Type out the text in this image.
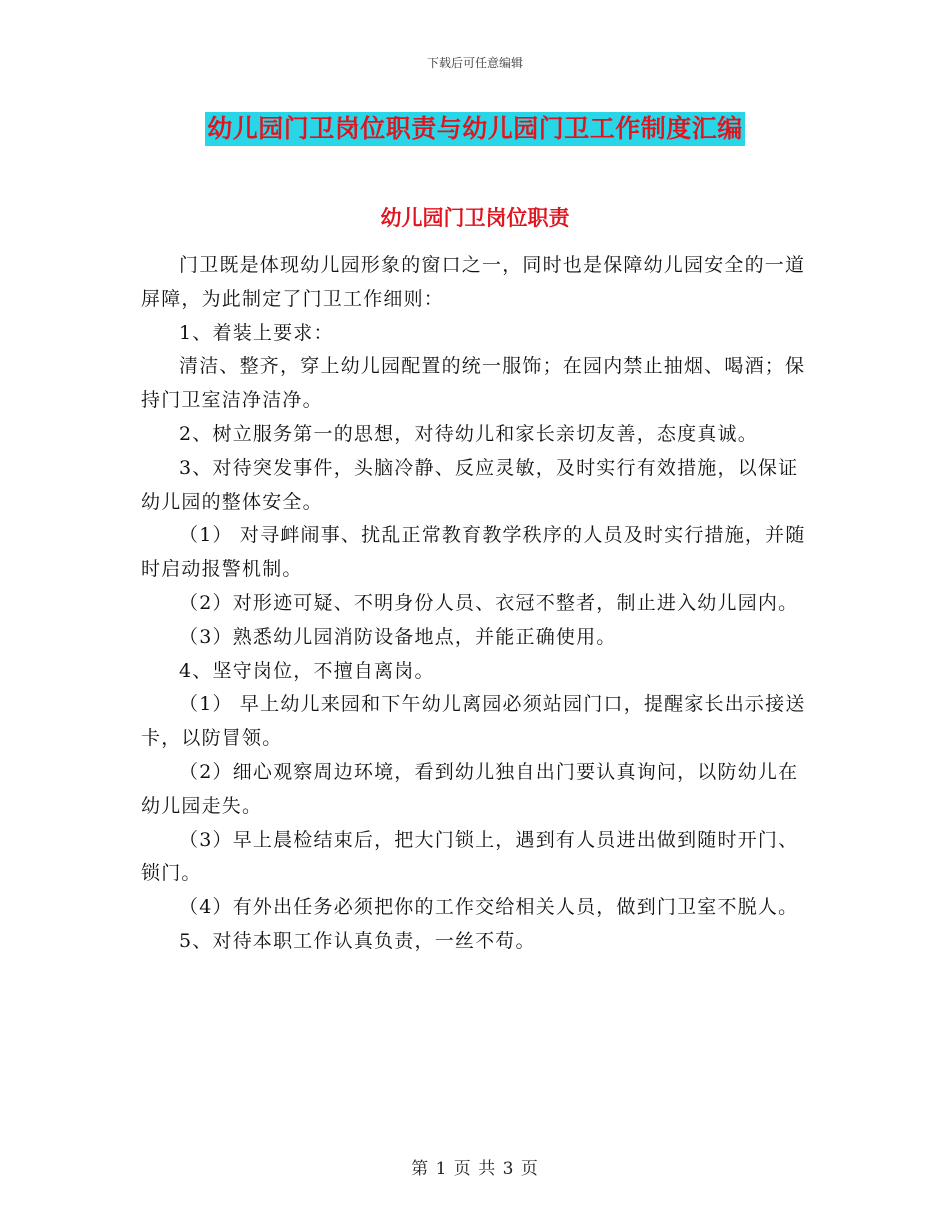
下载后可任意编辑
幼儿园门卫岗位职责与幼儿园门卫工作制度汇编
幼儿园门卫岗位职责

门卫既是体现幼儿园形象的窗口之一，同时也是保障幼儿园安全的一道屏障，为此制定了门卫工作细则：

1、着装上要求：

清洁、整齐，穿上幼儿园配置的统一服饰；在园内禁止抽烟、喝酒；保持门卫室洁净洁净。

2、树立服务第一的思想，对待幼儿和家长亲切友善，态度真诚。

3、对待突发事件，头脑冷静、反应灵敏，及时实行有效措施，以保证幼儿园的整体安全。

（1） 对寻衅闹事、扰乱正常教育教学秩序的人员及时实行措施，并随时启动报警机制。

（2）对形迹可疑、不明身份人员、衣冠不整者，制止进入幼儿园内。

（3）熟悉幼儿园消防设备地点，并能正确使用。

4、坚守岗位，不擅自离岗。

（1） 早上幼儿来园和下午幼儿离园必须站园门口，提醒家长出示接送卡，以防冒领。

（2）细心观察周边环境，看到幼儿独自出门要认真询问，以防幼儿在幼儿园走失。

（3）早上晨检结束后，把大门锁上，遇到有人员进出做到随时开门、锁门。

（4）有外出任务必须把你的工作交给相关人员，做到门卫室不脱人。

5、对待本职工作认真负责，一丝不苟。

第 1 页 共 3 页
